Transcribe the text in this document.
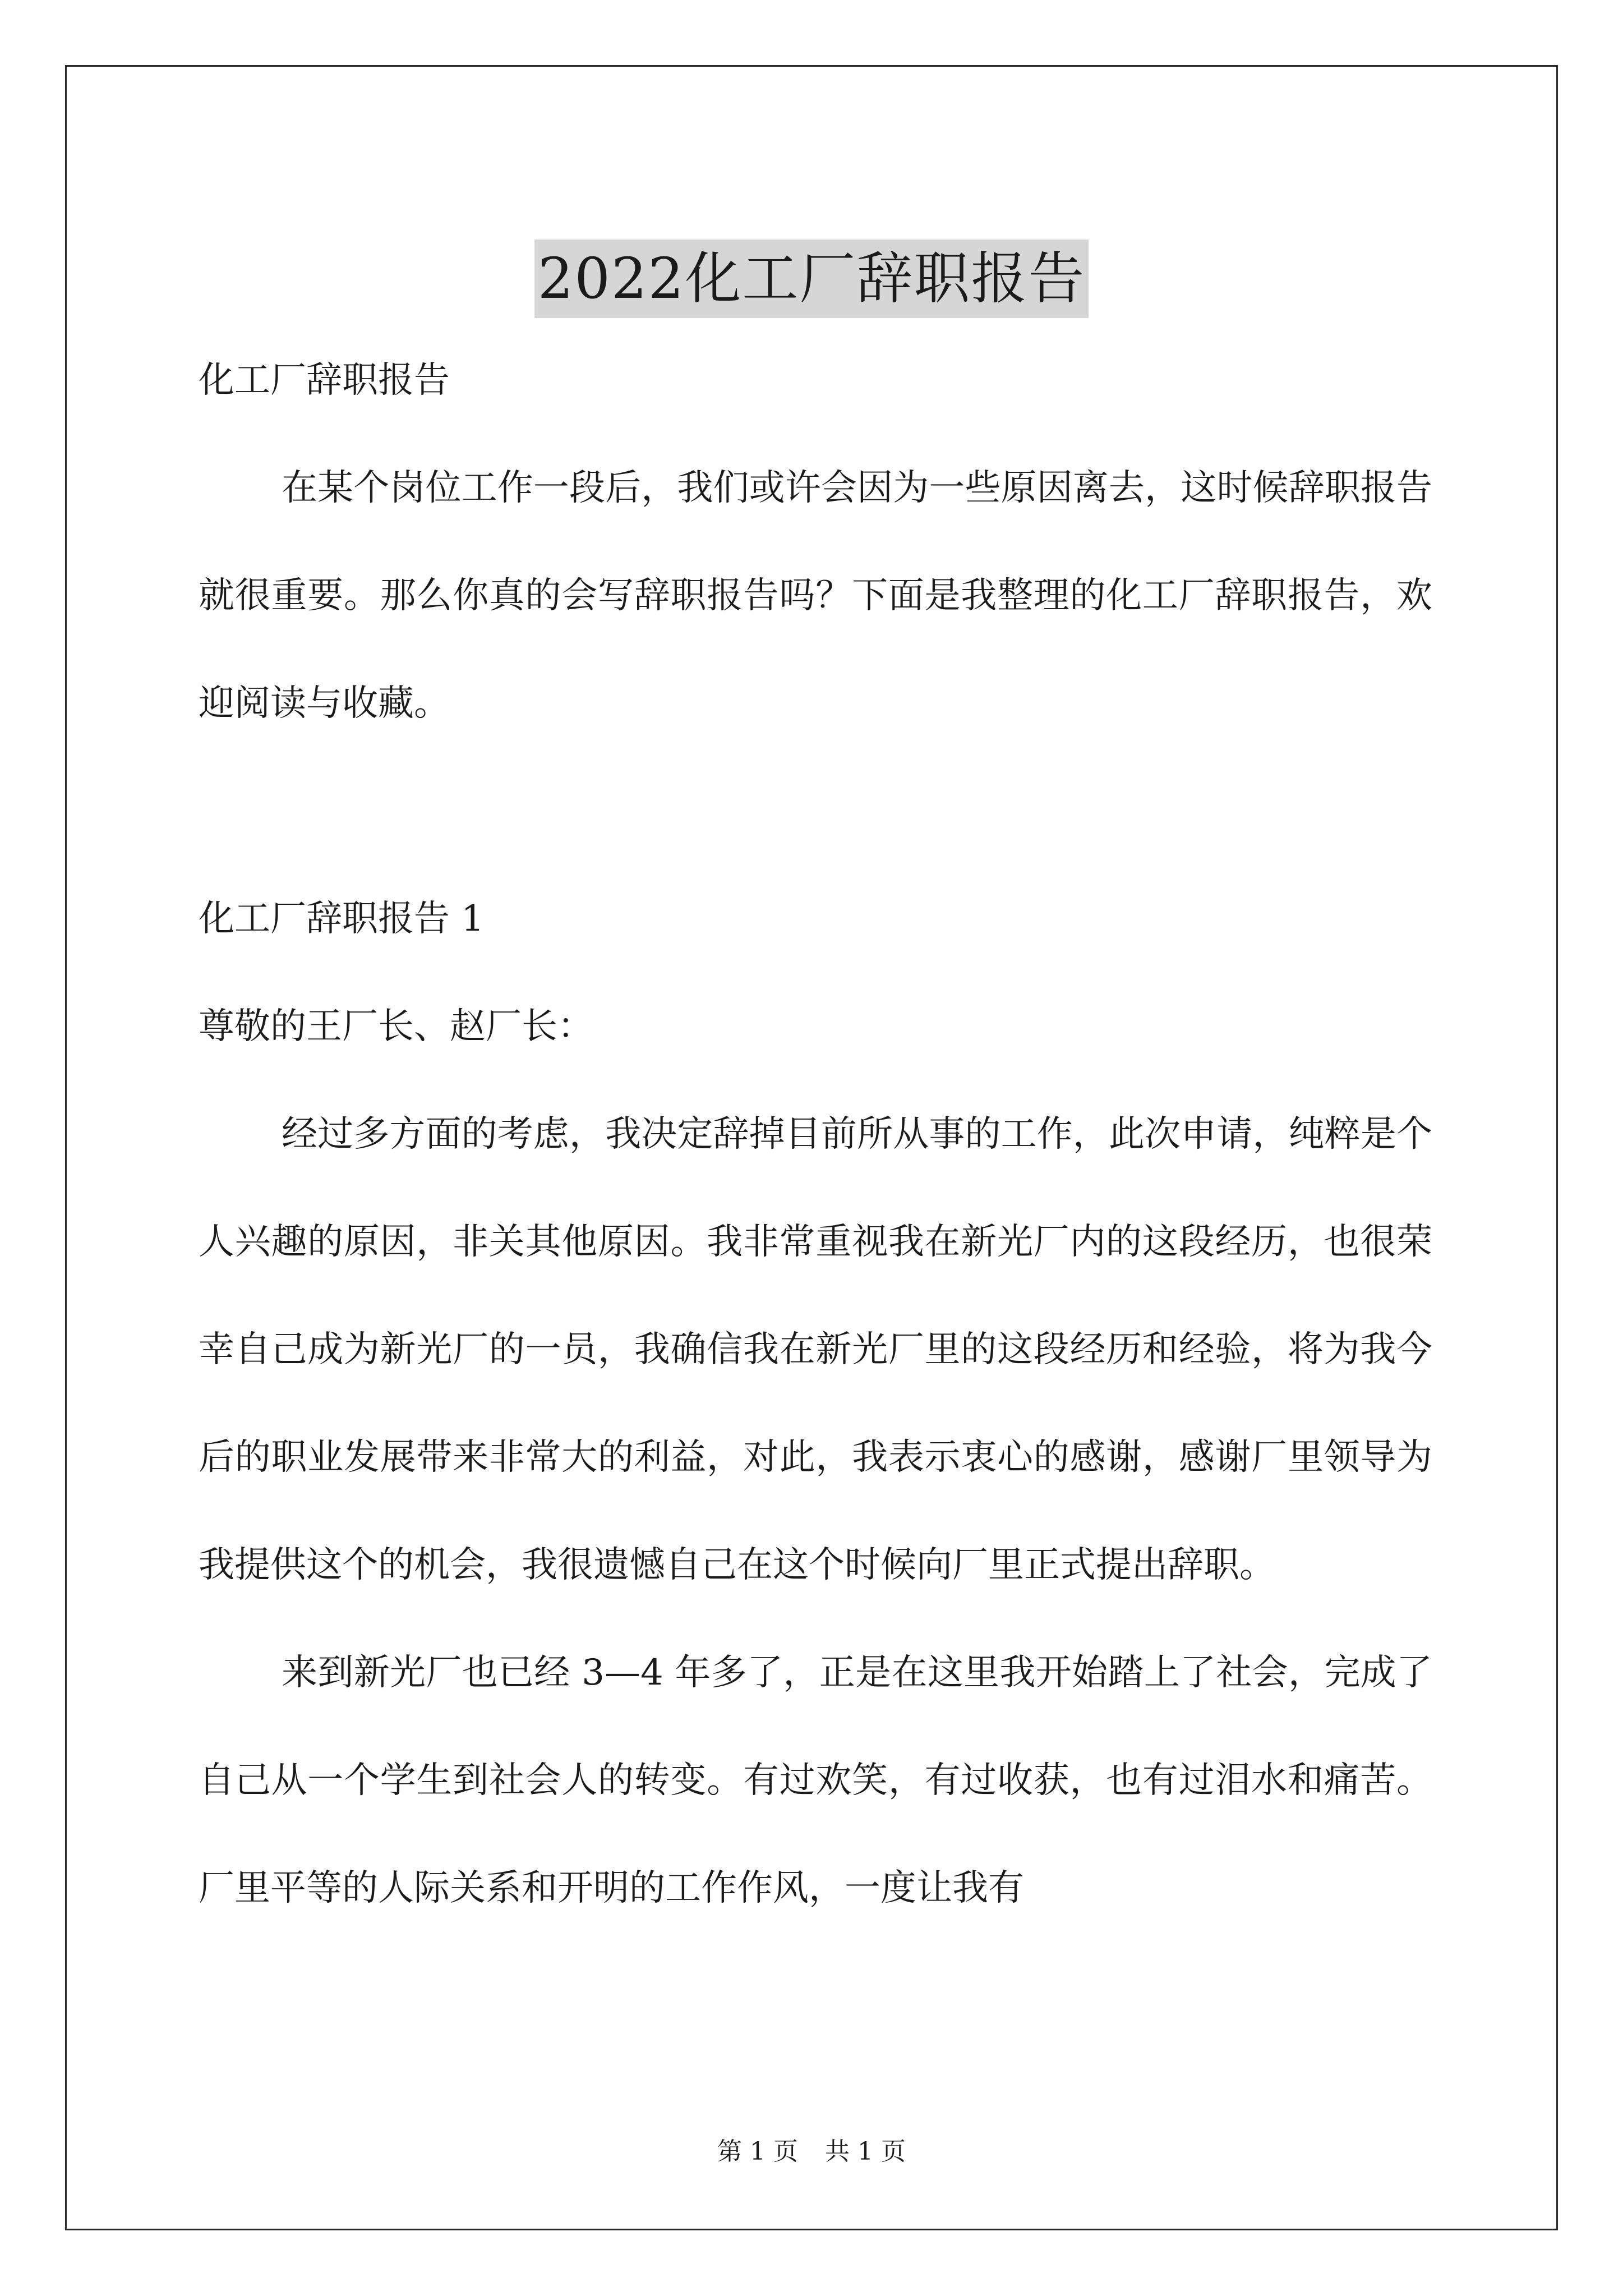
2022化工厂辞职报告

化工厂辞职报告

在某个岗位工作一段后，我们或许会因为一些原因离去，这时候辞职报告就很重要。那么你真的会写辞职报告吗？下面是我整理的化工厂辞职报告，欢迎阅读与收藏。

化工厂辞职报告 1

尊敬的王厂长、赵厂长：

经过多方面的考虑，我决定辞掉目前所从事的工作，此次申请，纯粹是个人兴趣的原因，非关其他原因。我非常重视我在新光厂内的这段经历，也很荣幸自己成为新光厂的一员，我确信我在新光厂里的这段经历和经验，将为我今后的职业发展带来非常大的利益，对此，我表示衷心的感谢，感谢厂里领导为我提供这个的机会，我很遗憾自己在这个时候向厂里正式提出辞职。

来到新光厂也已经 3—4 年多了，正是在这里我开始踏上了社会，完成了自己从一个学生到社会人的转变。有过欢笑，有过收获，也有过泪水和痛苦。厂里平等的人际关系和开明的工作作风，一度让我有

第 1 页 共 1 页
